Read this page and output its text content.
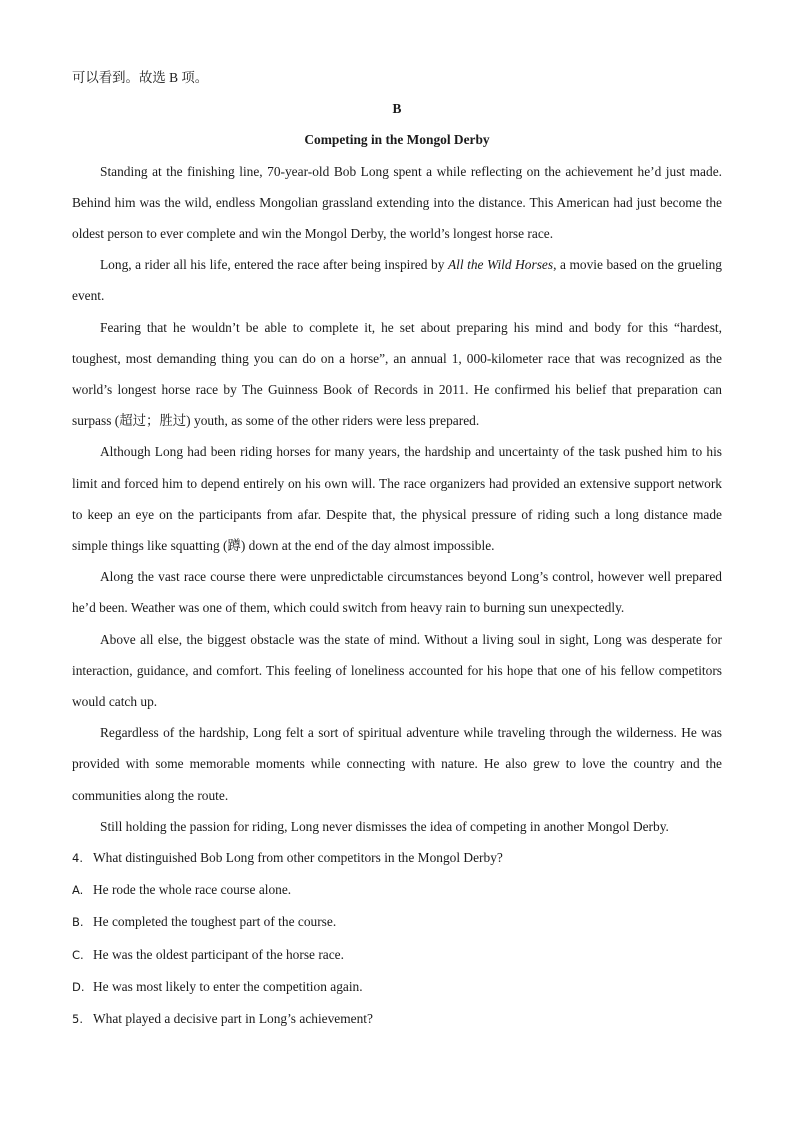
可以看到。故选 B 项。

B

Competing in the Mongol Derby

Standing at the finishing line, 70-year-old Bob Long spent a while reflecting on the achievement he’d just made. Behind him was the wild, endless Mongolian grassland extending into the distance. This American had just become the oldest person to ever complete and win the Mongol Derby, the world’s longest horse race.

Long, a rider all his life, entered the race after being inspired by All the Wild Horses, a movie based on the grueling event.

Fearing that he wouldn’t be able to complete it, he set about preparing his mind and body for this “hardest, toughest, most demanding thing you can do on a horse”, an annual 1, 000-kilometer race that was recognized as the world’s longest horse race by The Guinness Book of Records in 2011. He confirmed his belief that preparation can surpass (超过；胜过) youth, as some of the other riders were less prepared.

Although Long had been riding horses for many years, the hardship and uncertainty of the task pushed him to his limit and forced him to depend entirely on his own will. The race organizers had provided an extensive support network to keep an eye on the participants from afar. Despite that, the physical pressure of riding such a long distance made simple things like squatting (蹲) down at the end of the day almost impossible.

Along the vast race course there were unpredictable circumstances beyond Long’s control, however well prepared he’d been. Weather was one of them, which could switch from heavy rain to burning sun unexpectedly.

Above all else, the biggest obstacle was the state of mind. Without a living soul in sight, Long was desperate for interaction, guidance, and comfort. This feeling of loneliness accounted for his hope that one of his fellow competitors would catch up.

Regardless of the hardship, Long felt a sort of spiritual adventure while traveling through the wilderness. He was provided with some memorable moments while connecting with nature. He also grew to love the country and the communities along the route.

Still holding the passion for riding, Long never dismisses the idea of competing in another Mongol Derby.

4. What distinguished Bob Long from other competitors in the Mongol Derby?

A. He rode the whole race course alone.

B. He completed the toughest part of the course.

C. He was the oldest participant of the horse race.

D. He was most likely to enter the competition again.

5. What played a decisive part in Long’s achievement?
